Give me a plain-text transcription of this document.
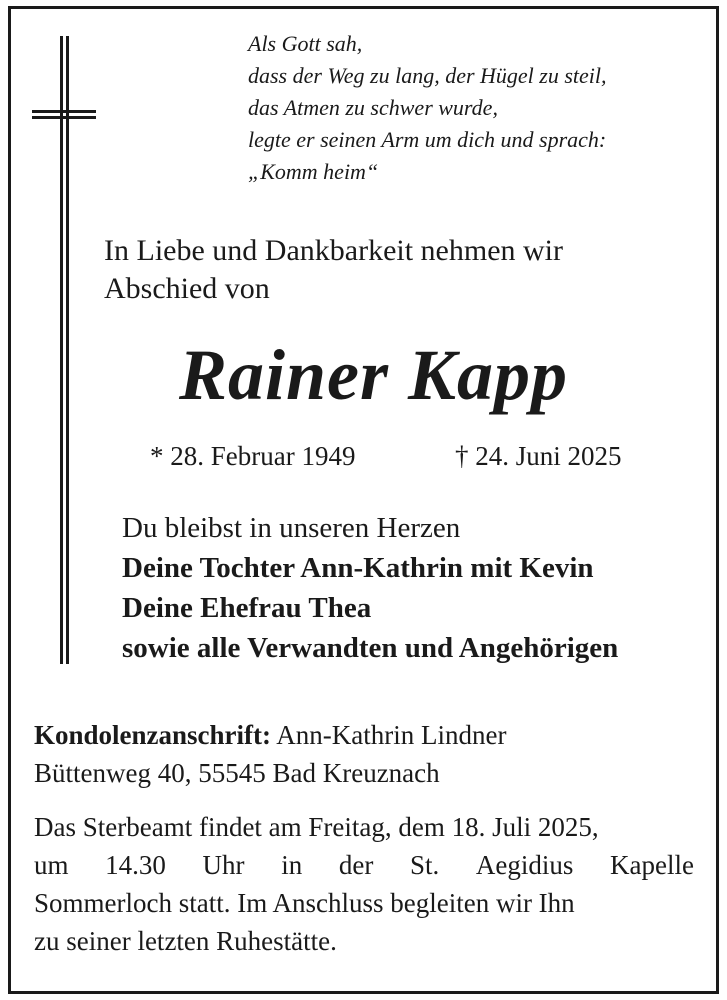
Als Gott sah,
dass der Weg zu lang, der Hügel zu steil,
das Atmen zu schwer wurde,
legte er seinen Arm um dich und sprach:
„Komm heim“
In Liebe und Dankbarkeit nehmen wir
Abschied von
Rainer Kapp
* 28. Februar 1949	† 24. Juni 2025
Du bleibst in unseren Herzen
Deine Tochter Ann-Kathrin mit Kevin
Deine Ehefrau Thea
sowie alle Verwandten und Angehörigen
Kondolenzanschrift: Ann-Kathrin Lindner
Büttenweg 40, 55545 Bad Kreuznach
Das Sterbeamt findet am Freitag, dem 18. Juli 2025,
um 14.30 Uhr in der St. Aegidius Kapelle
Sommerloch statt. Im Anschluss begleiten wir Ihn
zu seiner letzten Ruhestätte.
